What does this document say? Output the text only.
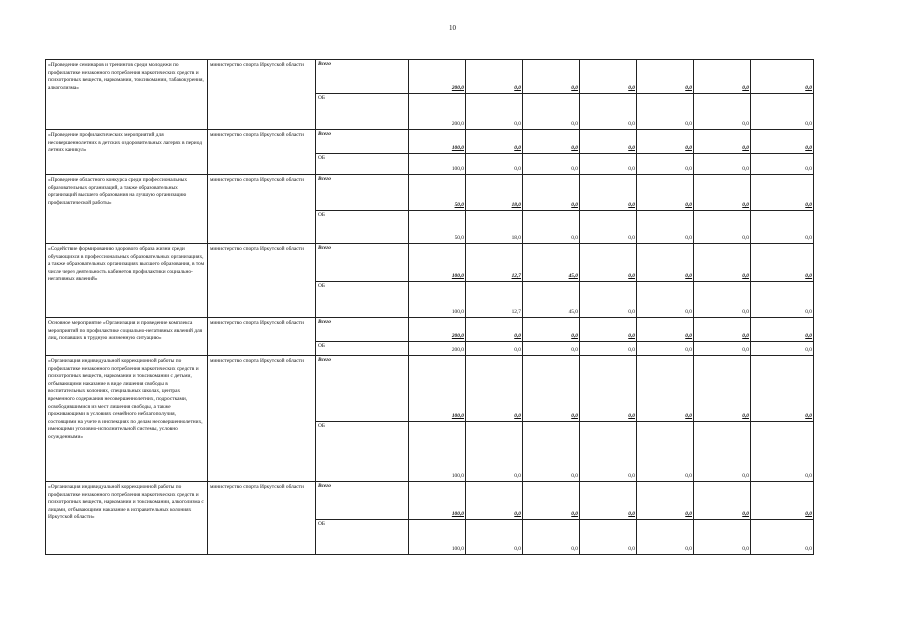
10
«Проведение семинаров и тренингов среди молодежи по профилактике незаконного потребления наркотических средств и психотропных веществ, наркомании, токсикомании, табакокурения, алкоголизма»	министерство спорта Иркутской области	Всего	200,0	0,0	0,0	0,0	0,0	0,0	0,0
		ОБ	200,0	0,0	0,0	0,0	0,0	0,0	0,0
«Проведение профилактических мероприятий для несовершеннолетних в детских оздоровительных лагерях в период летних каникул»	министерство спорта Иркутской области	Всего	100,0	0,0	0,0	0,0	0,0	0,0	0,0
		ОБ	100,0	0,0	0,0	0,0	0,0	0,0	0,0
«Проведение областного конкурса среди профессиональных образовательных организаций, а также образовательных организаций высшего образования на лучшую организацию профилактической работы»	министерство спорта Иркутской области	Всего	50,0	18,0	0,0	0,0	0,0	0,0	0,0
		ОБ	50,0	18,0	0,0	0,0	0,0	0,0	0,0
«Содействие формированию здорового образа жизни среди обучающихся в профессиональных образовательных организациях, а также образовательных организациях высшего образования, в том числе через деятельность кабинетов профилактики социально-негативных явлений»	министерство спорта Иркутской области	Всего	100,0	12,7	45,0	0,0	0,0	0,0	0,0
		ОБ	100,0	12,7	45,0	0,0	0,0	0,0	0,0
Основное мероприятие «Организация и проведение комплекса мероприятий по профилактике социально-негативных явлений для лиц, попавших в трудную жизненную ситуацию»	министерство спорта Иркутской области	Всего	200,0	0,0	0,0	0,0	0,0	0,0	0,0
		ОБ	200,0	0,0	0,0	0,0	0,0	0,0	0,0
«Организация индивидуальной коррекционной работы по профилактике незаконного потребления наркотических средств и психотропных веществ, наркомании и токсикомании с детьми, отбывающими наказание в виде лишения свободы в воспитательных колониях, специальных школах, центрах временного содержания несовершеннолетних, подростками, освободившимися из мест лишения свободы, а также проживающими в условиях семейного неблагополучия, состоящими на учете в инспекциях по делам несовершеннолетних, имеющими уголовно-исполнительной системы, условно осужденными»	министерство спорта Иркутской области	Всего	100,0	0,0	0,0	0,0	0,0	0,0	0,0
		ОБ	100,0	0,0	0,0	0,0	0,0	0,0	0,0
«Организация индивидуальной коррекционной работы по профилактике незаконного потребления наркотических средств и психотропных веществ, наркомании и токсикомании, алкоголизма с лицами, отбывающими наказание в исправительных колониях Иркутской области»	министерство спорта Иркутской области	Всего	100,0	0,0	0,0	0,0	0,0	0,0	0,0
		ОБ	100,0	0,0	0,0	0,0	0,0	0,0	0,0
